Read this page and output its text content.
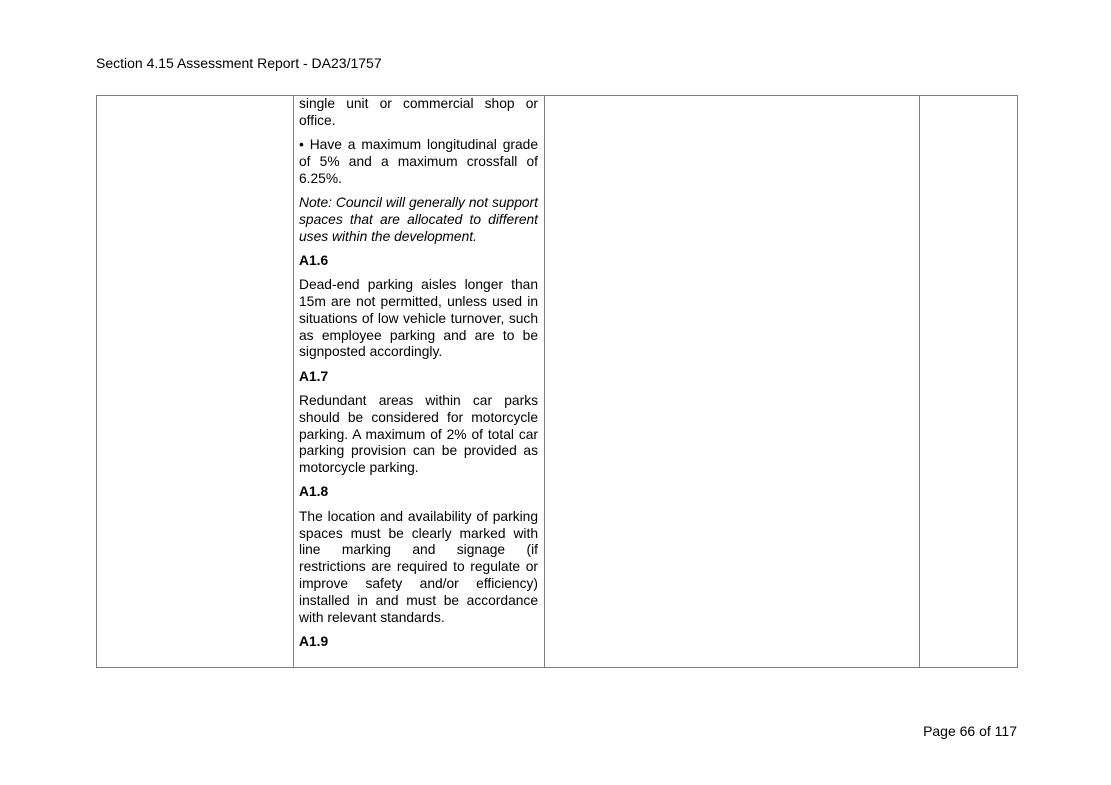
Section 4.15 Assessment Report - DA23/1757

single unit or commercial shop or office.

• Have a maximum longitudinal grade of 5% and a maximum crossfall of 6.25%.

Note: Council will generally not support spaces that are allocated to different uses within the development.

A1.6

Dead-end parking aisles longer than 15m are not permitted, unless used in situations of low vehicle turnover, such as employee parking and are to be signposted accordingly.

A1.7

Redundant areas within car parks should be considered for motorcycle parking. A maximum of 2% of total car parking provision can be provided as motorcycle parking.

A1.8

The location and availability of parking spaces must be clearly marked with line marking and signage (if restrictions are required to regulate or improve safety and/or efficiency) installed in and must be accordance with relevant standards.

A1.9

Page 66 of 117
